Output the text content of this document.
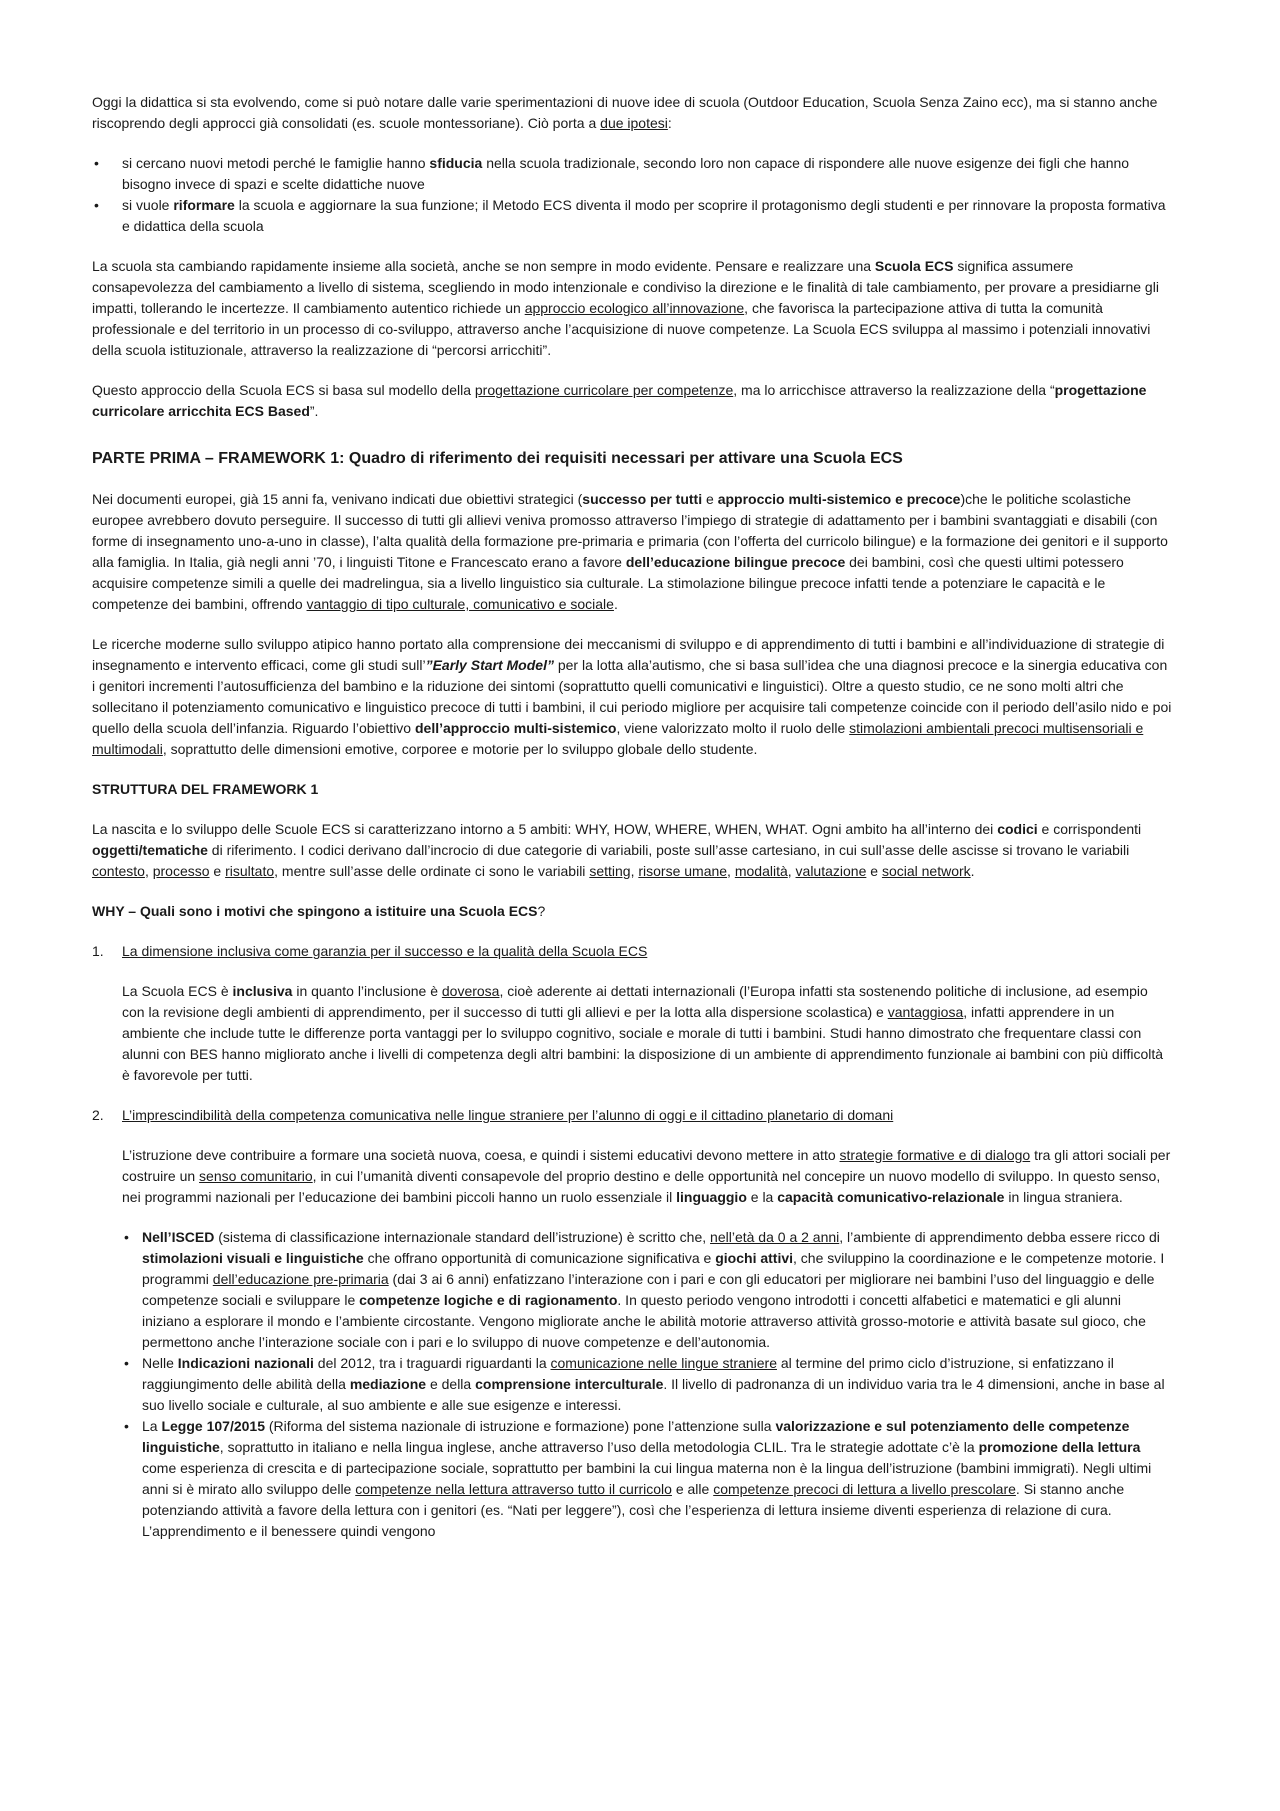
Oggi la didattica si sta evolvendo, come si può notare dalle varie sperimentazioni di nuove idee di scuola (Outdoor Education, Scuola Senza Zaino ecc), ma si stanno anche riscoprendo degli approcci già consolidati (es. scuole montessoriane). Ciò porta a due ipotesi:

• si cercano nuovi metodi perché le famiglie hanno sfiducia nella scuola tradizionale, secondo loro non capace di rispondere alle nuove esigenze dei figli che hanno bisogno invece di spazi e scelte didattiche nuove
• si vuole riformare la scuola e aggiornare la sua funzione; il Metodo ECS diventa il modo per scoprire il protagonismo degli studenti e per rinnovare la proposta formativa e didattica della scuola

La scuola sta cambiando rapidamente insieme alla società, anche se non sempre in modo evidente. Pensare e realizzare una Scuola ECS significa assumere consapevolezza del cambiamento a livello di sistema, scegliendo in modo intenzionale e condiviso la direzione e le finalità di tale cambiamento, per provare a presidiarne gli impatti, tollerando le incertezze. Il cambiamento autentico richiede un approccio ecologico all’innovazione, che favorisca la partecipazione attiva di tutta la comunità professionale e del territorio in un processo di co-sviluppo, attraverso anche l’acquisizione di nuove competenze. La Scuola ECS sviluppa al massimo i potenziali innovativi della scuola istituzionale, attraverso la realizzazione di “percorsi arricchiti”.

Questo approccio della Scuola ECS si basa sul modello della progettazione curricolare per competenze, ma lo arricchisce attraverso la realizzazione della “progettazione curricolare arricchita ECS Based”.

PARTE PRIMA – FRAMEWORK 1: Quadro di riferimento dei requisiti necessari per attivare una Scuola ECS

Nei documenti europei, già 15 anni fa, venivano indicati due obiettivi strategici (successo per tutti e approccio multi-sistemico e precoce)che le politiche scolastiche europee avrebbero dovuto perseguire. Il successo di tutti gli allievi veniva promosso attraverso l’impiego di strategie di adattamento per i bambini svantaggiati e disabili (con forme di insegnamento uno-a-uno in classe), l’alta qualità della formazione pre-primaria e primaria (con l’offerta del curricolo bilingue) e la formazione dei genitori e il supporto alla famiglia. In Italia, già negli anni ’70, i linguisti Titone e Francescato erano a favore dell’educazione bilingue precoce dei bambini, così che questi ultimi potessero acquisire competenze simili a quelle dei madrelingua, sia a livello linguistico sia culturale. La stimolazione bilingue precoce infatti tende a potenziare le capacità e le competenze dei bambini, offrendo vantaggio di tipo culturale, comunicativo e sociale.

Le ricerche moderne sullo sviluppo atipico hanno portato alla comprensione dei meccanismi di sviluppo e di apprendimento di tutti i bambini e all’individuazione di strategie di insegnamento e intervento efficaci, come gli studi sull’”Early Start Model” per la lotta alla’autismo, che si basa sull’idea che una diagnosi precoce e la sinergia educativa con i genitori incrementi l’autosufficienza del bambino e la riduzione dei sintomi (soprattutto quelli comunicativi e linguistici). Oltre a questo studio, ce ne sono molti altri che sollecitano il potenziamento comunicativo e linguistico precoce di tutti i bambini, il cui periodo migliore per acquisire tali competenze coincide con il periodo dell’asilo nido e poi quello della scuola dell’infanzia. Riguardo l’obiettivo dell’approccio multi-sistemico, viene valorizzato molto il ruolo delle stimolazioni ambientali precoci multisensoriali e multimodali, soprattutto delle dimensioni emotive, corporee e motorie per lo sviluppo globale dello studente.

STRUTTURA DEL FRAMEWORK 1

La nascita e lo sviluppo delle Scuole ECS si caratterizzano intorno a 5 ambiti: WHY, HOW, WHERE, WHEN, WHAT. Ogni ambito ha all’interno dei codici e corrispondenti oggetti/tematiche di riferimento. I codici derivano dall’incrocio di due categorie di variabili, poste sull’asse cartesiano, in cui sull’asse delle ascisse si trovano le variabili contesto, processo e risultato, mentre sull’asse delle ordinate ci sono le variabili setting, risorse umane, modalità, valutazione e social network.

WHY – Quali sono i motivi che spingono a istituire una Scuola ECS?
1. La dimensione inclusiva come garanzia per il successo e la qualità della Scuola ECS

La Scuola ECS è inclusiva in quanto l’inclusione è doverosa, cioè aderente ai dettati internazionali (l’Europa infatti sta sostenendo politiche di inclusione, ad esempio con la revisione degli ambienti di apprendimento, per il successo di tutti gli allievi e per la lotta alla dispersione scolastica) e vantaggiosa, infatti apprendere in un ambiente che include tutte le differenze porta vantaggi per lo sviluppo cognitivo, sociale e morale di tutti i bambini. Studi hanno dimostrato che frequentare classi con alunni con BES hanno migliorato anche i livelli di competenza degli altri bambini: la disposizione di un ambiente di apprendimento funzionale ai bambini con più difficoltà è favorevole per tutti.

2. L’imprescindibilità della competenza comunicativa nelle lingue straniere per l’alunno di oggi e il cittadino planetario di domani

L’istruzione deve contribuire a formare una società nuova, coesa, e quindi i sistemi educativi devono mettere in atto strategie formative e di dialogo tra gli attori sociali per costruire un senso comunitario, in cui l’umanità diventi consapevole del proprio destino e delle opportunità nel concepire un nuovo modello di sviluppo. In questo senso, nei programmi nazionali per l’educazione dei bambini piccoli hanno un ruolo essenziale il linguaggio e la capacità comunicativo-relazionale in lingua straniera.

• Nell’ISCED (sistema di classificazione internazionale standard dell’istruzione) è scritto che, nell’età da 0 a 2 anni, l’ambiente di apprendimento debba essere ricco di stimolazioni visuali e linguistiche che offrano opportunità di comunicazione significativa e giochi attivi, che sviluppino la coordinazione e le competenze motorie. I programmi dell’educazione pre-primaria (dai 3 ai 6 anni) enfatizzano l’interazione con i pari e con gli educatori per migliorare nei bambini l’uso del linguaggio e delle competenze sociali e sviluppare le competenze logiche e di ragionamento. In questo periodo vengono introdotti i concetti alfabetici e matematici e gli alunni iniziano a esplorare il mondo e l’ambiente circostante. Vengono migliorate anche le abilità motorie attraverso attività grosso-motorie e attività basate sul gioco, che permettono anche l’interazione sociale con i pari e lo sviluppo di nuove competenze e dell’autonomia.
• Nelle Indicazioni nazionali del 2012, tra i traguardi riguardanti la comunicazione nelle lingue straniere al termine del primo ciclo d’istruzione, si enfatizzano il raggiungimento delle abilità della mediazione e della comprensione interculturale. Il livello di padronanza di un individuo varia tra le 4 dimensioni, anche in base al suo livello sociale e culturale, al suo ambiente e alle sue esigenze e interessi.
• La Legge 107/2015 (Riforma del sistema nazionale di istruzione e formazione) pone l’attenzione sulla valorizzazione e sul potenziamento delle competenze linguistiche, soprattutto in italiano e nella lingua inglese, anche attraverso l’uso della metodologia CLIL. Tra le strategie adottate c’è la promozione della lettura come esperienza di crescita e di partecipazione sociale, soprattutto per bambini la cui lingua materna non è la lingua dell’istruzione (bambini immigrati). Negli ultimi anni si è mirato allo sviluppo delle competenze nella lettura attraverso tutto il curricolo e alle competenze precoci di lettura a livello prescolare. Si stanno anche potenziando attività a favore della lettura con i genitori (es. “Nati per leggere”), così che l’esperienza di lettura insieme diventi esperienza di relazione di cura. L’apprendimento e il benessere quindi vengono
